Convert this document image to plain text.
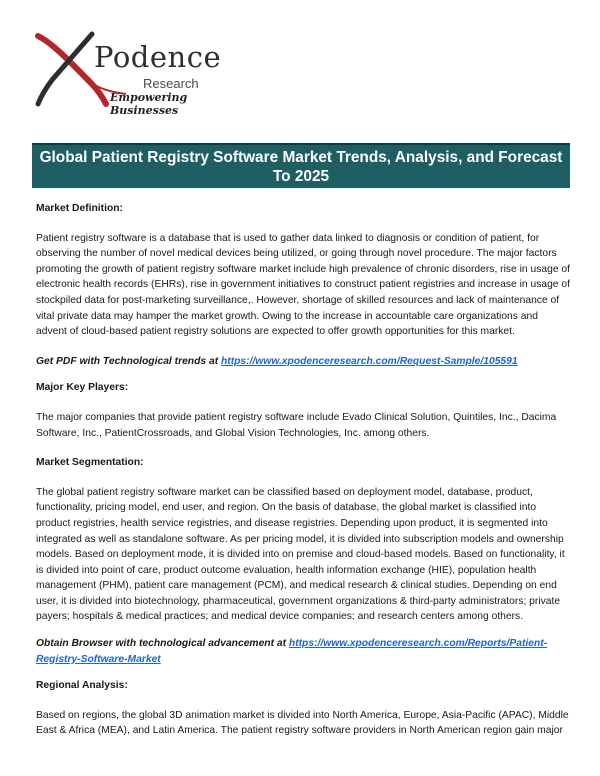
Podence
Research
Empowering Businesses
Global Patient Registry Software Market Trends, Analysis, and Forecast To 2025

Market Definition:

Patient registry software is a database that is used to gather data linked to diagnosis or condition of patient, for observing the number of novel medical devices being utilized, or going through novel procedure. The major factors promoting the growth of patient registry software market include high prevalence of chronic disorders, rise in usage of electronic health records (EHRs), rise in government initiatives to construct patient registries and increase in usage of stockpiled data for post-marketing surveillance,. However, shortage of skilled resources and lack of maintenance of vital private data may hamper the market growth. Owing to the increase in accountable care organizations and advent of cloud-based patient registry solutions are expected to offer growth opportunities for this market.

Get PDF with Technological trends at https://www.xpodenceresearch.com/Request-Sample/105591

Major Key Players:

The major companies that provide patient registry software include Evado Clinical Solution, Quintiles, Inc., Dacima Software, Inc., PatientCrossroads, and Global Vision Technologies, Inc. among others.

Market Segmentation:

The global patient registry software market can be classified based on deployment model, database, product, functionality, pricing model, end user, and region. On the basis of database, the global market is classified into product registries, health service registries, and disease registries. Depending upon product, it is segmented into integrated as well as standalone software. As per pricing model, it is divided into subscription models and ownership models. Based on deployment mode, it is divided into on premise and cloud-based models. Based on functionality, it is divided into point of care, product outcome evaluation, health information exchange (HIE), population health management (PHM), patient care management (PCM), and medical research & clinical studies. Depending on end user, it is divided into biotechnology, pharmaceutical, government organizations & third-party administrators; private payers; hospitals & medical practices; and medical device companies; and research centers among others.

Obtain Browser with technological advancement at https://www.xpodenceresearch.com/Reports/Patient-Registry-Software-Market

Regional Analysis:

Based on regions, the global 3D animation market is divided into North America, Europe, Asia-Pacific (APAC), Middle East & Africa (MEA), and Latin America. The patient registry software providers in North American region gain major
